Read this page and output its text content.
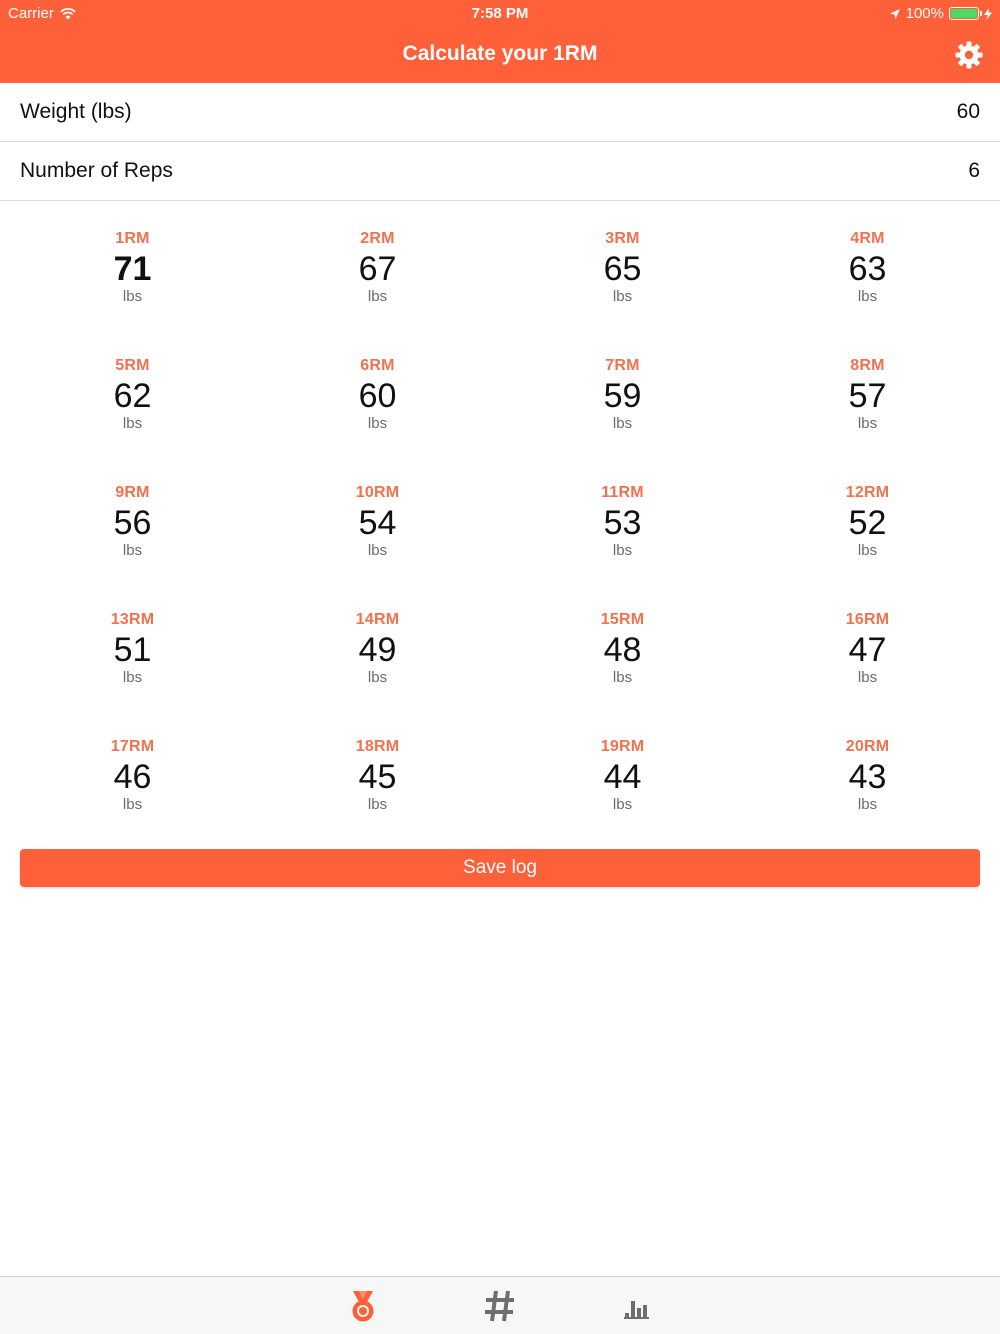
Carrier	7:58 PM	100%
Calculate your 1RM
Weight (lbs)	60
Number of Reps	6
1RM
71
lbs
2RM
67
lbs
3RM
65
lbs
4RM
63
lbs
5RM
62
lbs
6RM
60
lbs
7RM
59
lbs
8RM
57
lbs
9RM
56
lbs
10RM
54
lbs
11RM
53
lbs
12RM
52
lbs
13RM
51
lbs
14RM
49
lbs
15RM
48
lbs
16RM
47
lbs
17RM
46
lbs
18RM
45
lbs
19RM
44
lbs
20RM
43
lbs
Save log
